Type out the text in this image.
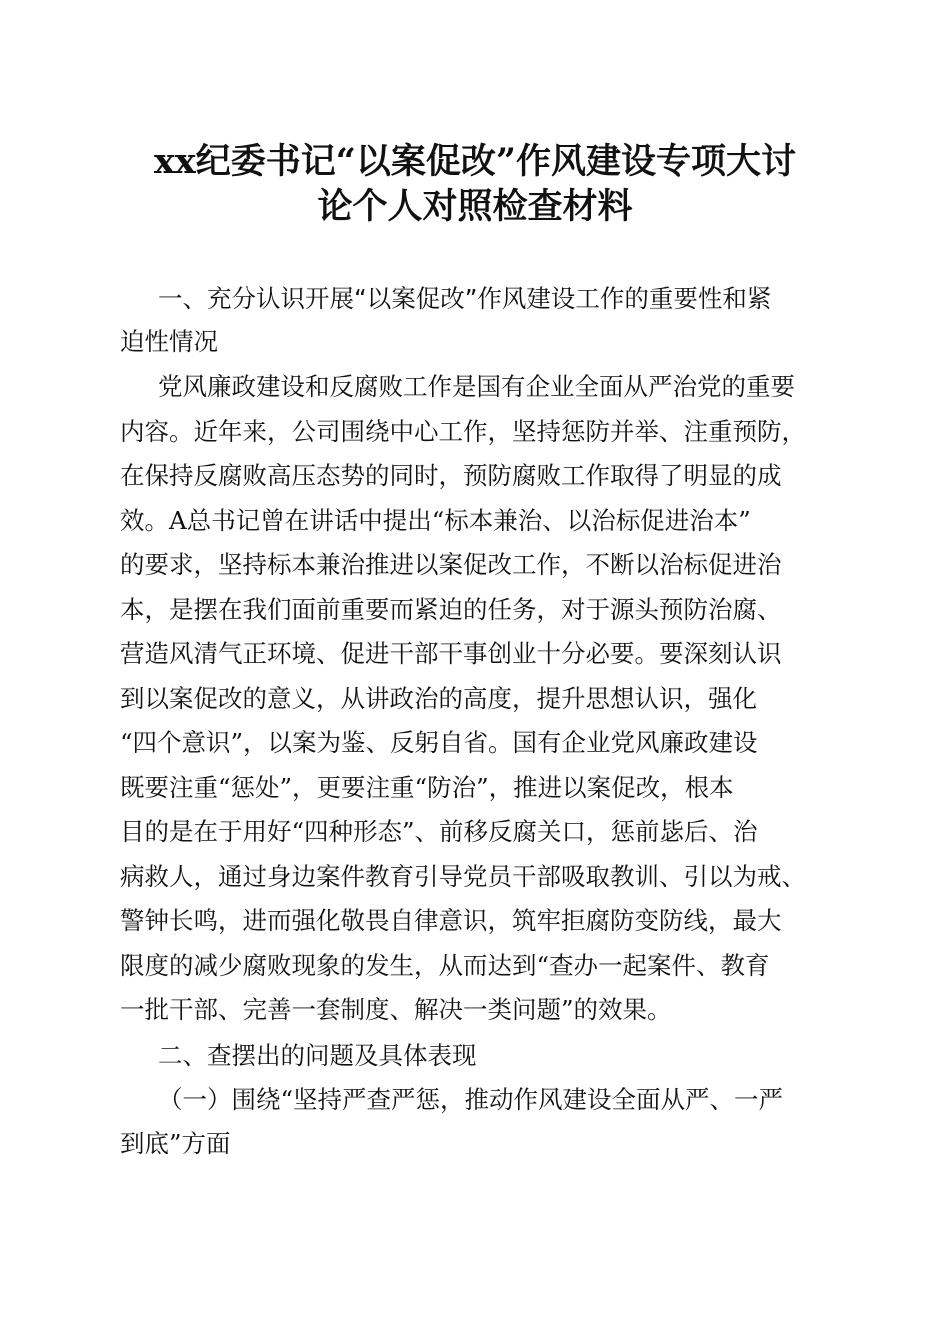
xx纪委书记“以案促改”作风建设专项大讨
论个人对照检查材料
一、充分认识开展“以案促改”作风建设工作的重要性和紧
迫性情况
党风廉政建设和反腐败工作是国有企业全面从严治党的重要
内容。近年来，公司围绕中心工作，坚持惩防并举、注重预防，
在保持反腐败高压态势的同时，预防腐败工作取得了明显的成
效。A总书记曾在讲话中提出“标本兼治、以治标促进治本”
的要求，坚持标本兼治推进以案促改工作，不断以治标促进治
本，是摆在我们面前重要而紧迫的任务，对于源头预防治腐、
营造风清气正环境、促进干部干事创业十分必要。要深刻认识
到以案促改的意义，从讲政治的高度，提升思想认识，强化
“四个意识”，以案为鉴、反躬自省。国有企业党风廉政建设
既要注重“惩处”，更要注重“防治”，推进以案促改，根本
目的是在于用好“四种形态”、前移反腐关口，惩前毖后、治
病救人，通过身边案件教育引导党员干部吸取教训、引以为戒、
警钟长鸣，进而强化敬畏自律意识，筑牢拒腐防变防线，最大
限度的减少腐败现象的发生，从而达到“查办一起案件、教育
一批干部、完善一套制度、解决一类问题”的效果。
二、查摆出的问题及具体表现
（一）围绕“坚持严查严惩，推动作风建设全面从严、一严
到底”方面
